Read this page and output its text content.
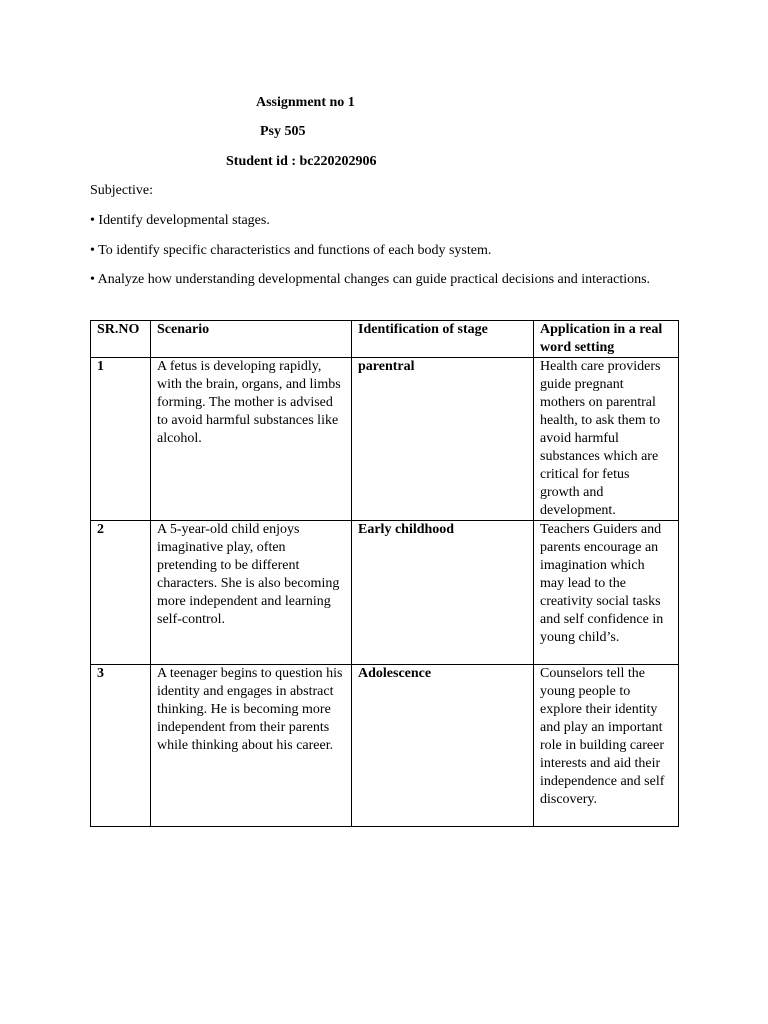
Assignment no 1
Psy 505
Student id : bc220202906
Subjective:
• Identify developmental stages.
• To identify specific characteristics and functions of each body system.
• Analyze how understanding developmental changes can guide practical decisions and interactions.
SR.NO	Scenario	Identification of stage	Application in a real word setting
1	A fetus is developing rapidly, with the brain, organs, and limbs forming. The mother is advised to avoid harmful substances like alcohol.	parentral	Health care providers guide pregnant mothers on parentral health, to ask them to avoid harmful substances which are critical for fetus growth and development.
2	A 5-year-old child enjoys imaginative play, often pretending to be different characters. She is also becoming more independent and learning self-control.	Early childhood	Teachers Guiders and parents encourage an imagination which may lead to the creativity social tasks and self confidence in young child’s.
3	A teenager begins to question his identity and engages in abstract thinking. He is becoming more independent from their parents while thinking about his career.	Adolescence	Counselors tell the young people to explore their identity and play an important role in building career interests and aid their independence and self discovery.
